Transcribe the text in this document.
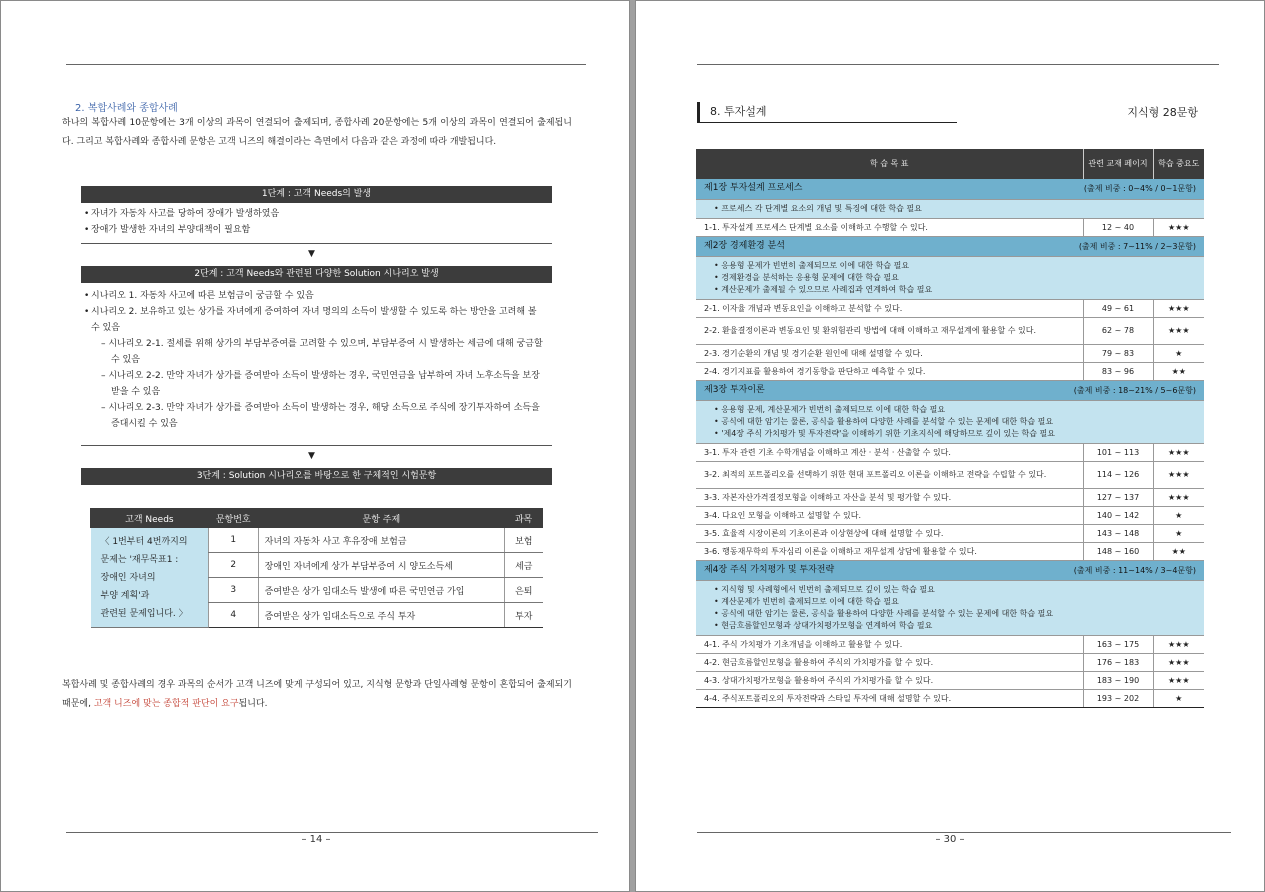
2. 복합사례와 종합사례
하나의 복합사례 10문항에는 3개 이상의 과목이 연결되어 출제되며, 종합사례 20문항에는 5개 이상의 과목이 연결되어 출제됩니다. 그리고 복합사례와 종합사례 문항은 고객 니즈의 해결이라는 측면에서 다음과 같은 과정에 따라 개발됩니다.
1단계 : 고객 Needs의 발생
• 자녀가 자동차 사고를 당하여 장애가 발생하였음
• 장애가 발생한 자녀의 부양대책이 필요함
▼
2단계 : 고객 Needs와 관련된 다양한 Solution 시나리오 발생
• 시나리오 1. 자동차 사고에 따른 보험금이 궁금할 수 있음
• 시나리오 2. 보유하고 있는 상가를 자녀에게 증여하여 자녀 명의의 소득이 발생할 수 있도록 하는 방안을 고려해 볼 수 있음
– 시나리오 2-1. 절세를 위해 상가의 부담부증여를 고려할 수 있으며, 부담부증여 시 발생하는 세금에 대해 궁금할 수 있음
– 시나리오 2-2. 만약 자녀가 상가를 증여받아 소득이 발생하는 경우, 국민연금을 납부하여 자녀 노후소득을 보장받을 수 있음
– 시나리오 2-3. 만약 자녀가 상가를 증여받아 소득이 발생하는 경우, 해당 소득으로 주식에 장기투자하여 소득을 증대시킬 수 있음
▼
3단계 : Solution 시나리오를 바탕으로 한 구체적인 시험문항
고객 Needs	문항번호	문항 주제	과목

〈 1번부터 4번까지의
문제는 '재무목표1 :
장애인 자녀의
부양 계획'과
관련된 문제입니다. 〉	1	자녀의 자동차 사고 후유장애 보험금	보험
	2	장애인 자녀에게 상가 부담부증여 시 양도소득세	세금
	3	증여받은 상가 임대소득 발생에 따른 국민연금 가입	은퇴
	4	증여받은 상가 임대소득으로 주식 투자	투자
복합사례 및 종합사례의 경우 과목의 순서가 고객 니즈에 맞게 구성되어 있고, 지식형 문항과 단일사례형 문항이 혼합되어 출제되기 때문에, 고객 니즈에 맞는 종합적 판단이 요구됩니다.
– 14 –
8. 투자설계	지식형 28문항
학 습 목 표	관련 교재 페이지	학습 중요도
제1장 투자설계 프로세스 (출제 비중 : 0~4% / 0~1문항)		

• 프로세스 각 단계별 요소의 개념 및 특징에 대한 학습 필요		

1-1. 투자설계 프로세스 단계별 요소를 이해하고 수행할 수 있다.	12 ~ 40	★★★
제2장 경제환경 분석 (출제 비중 : 7~11% / 2~3문항)		

• 응용형 문제가 빈번히 출제되므로 이에 대한 학습 필요
• 경제환경을 분석하는 응용형 문제에 대한 학습 필요
• 계산문제가 출제될 수 있으므로 사례집과 연계하여 학습 필요		

2-1. 이자율 개념과 변동요인을 이해하고 분석할 수 있다.	49 ~ 61	★★★
2-2. 환율결정이론과 변동요인 및 환위험관리 방법에 대해 이해하고 재무설계에 활용할 수 있다.	62 ~ 78	★★★
2-3. 경기순환의 개념 및 경기순환 원인에 대해 설명할 수 있다.	79 ~ 83	★
2-4. 경기지표를 활용하여 경기동향을 판단하고 예측할 수 있다.	83 ~ 96	★★
제3장 투자이론 (출제 비중 : 18~21% / 5~6문항)		

• 응용형 문제, 계산문제가 빈번히 출제되므로 이에 대한 학습 필요
• 공식에 대한 암기는 물론, 공식을 활용하여 다양한 사례를 분석할 수 있는 문제에 대한 학습 필요
• '제4장 주식 가치평가 및 투자전략'을 이해하기 위한 기초지식에 해당하므로 깊이 있는 학습 필요		

3-1. 투자 관련 기초 수학개념을 이해하고 계산 · 분석 · 산출할 수 있다.	101 ~ 113	★★★
3-2. 최적의 포트폴리오를 선택하기 위한 현대 포트폴리오 이론을 이해하고 전략을 수립할 수 있다.	114 ~ 126	★★★
3-3. 자본자산가격결정모형을 이해하고 자산을 분석 및 평가할 수 있다.	127 ~ 137	★★★
3-4. 다요인 모형을 이해하고 설명할 수 있다.	140 ~ 142	★
3-5. 효율적 시장이론의 기초이론과 이상현상에 대해 설명할 수 있다.	143 ~ 148	★
3-6. 행동재무학의 투자심리 이론을 이해하고 재무설계 상담에 활용할 수 있다.	148 ~ 160	★★
제4장 주식 가치평가 및 투자전략 (출제 비중 : 11~14% / 3~4문항)		

• 지식형 및 사례형에서 빈번히 출제되므로 깊이 있는 학습 필요
• 계산문제가 빈번히 출제되므로 이에 대한 학습 필요
• 공식에 대한 암기는 물론, 공식을 활용하여 다양한 사례를 분석할 수 있는 문제에 대한 학습 필요
• 현금흐름할인모형과 상대가치평가모형을 연계하여 학습 필요		

4-1. 주식 가치평가 기초개념을 이해하고 활용할 수 있다.	163 ~ 175	★★★
4-2. 현금흐름할인모형을 활용하여 주식의 가치평가를 할 수 있다.	176 ~ 183	★★★
4-3. 상대가치평가모형을 활용하여 주식의 가치평가를 할 수 있다.	183 ~ 190	★★★
4-4. 주식포트폴리오의 투자전략과 스타일 투자에 대해 설명할 수 있다.	193 ~ 202	★
– 30 –
